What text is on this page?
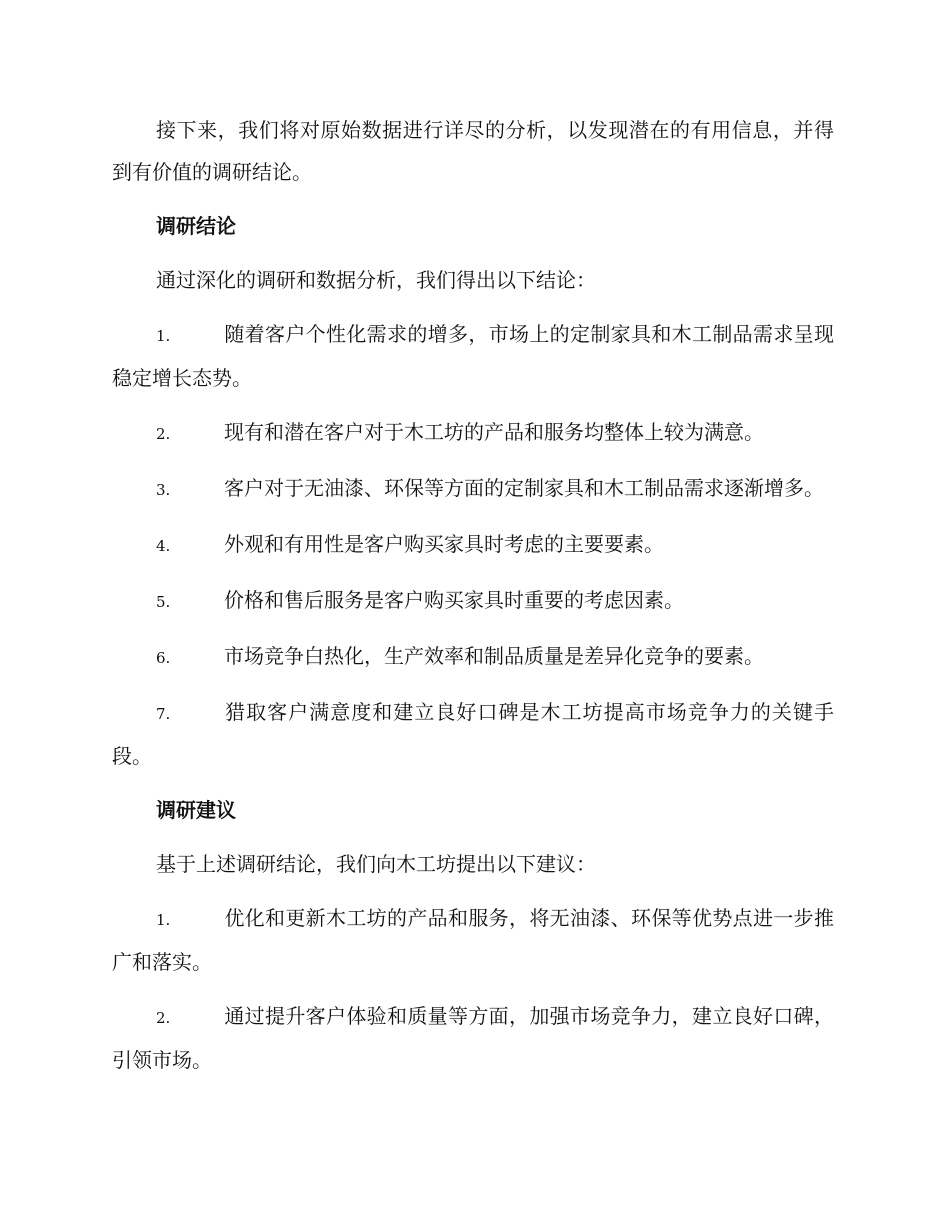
接下来，我们将对原始数据进行详尽的分析，以发现潜在的有用信息，并得到有价值的调研结论。

调研结论

通过深化的调研和数据分析，我们得出以下结论：

1.	随着客户个性化需求的增多，市场上的定制家具和木工制品需求呈现稳定增长态势。
2.	现有和潜在客户对于木工坊的产品和服务均整体上较为满意。
3.	客户对于无油漆、环保等方面的定制家具和木工制品需求逐渐增多。
4.	外观和有用性是客户购买家具时考虑的主要要素。
5.	价格和售后服务是客户购买家具时重要的考虑因素。
6.	市场竞争白热化，生产效率和制品质量是差异化竞争的要素。
7.	猎取客户满意度和建立良好口碑是木工坊提高市场竞争力的关键手段。
调研建议

基于上述调研结论，我们向木工坊提出以下建议：

1.	优化和更新木工坊的产品和服务，将无油漆、环保等优势点进一步推广和落实。
2.	通过提升客户体验和质量等方面，加强市场竞争力，建立良好口碑，引领市场。
